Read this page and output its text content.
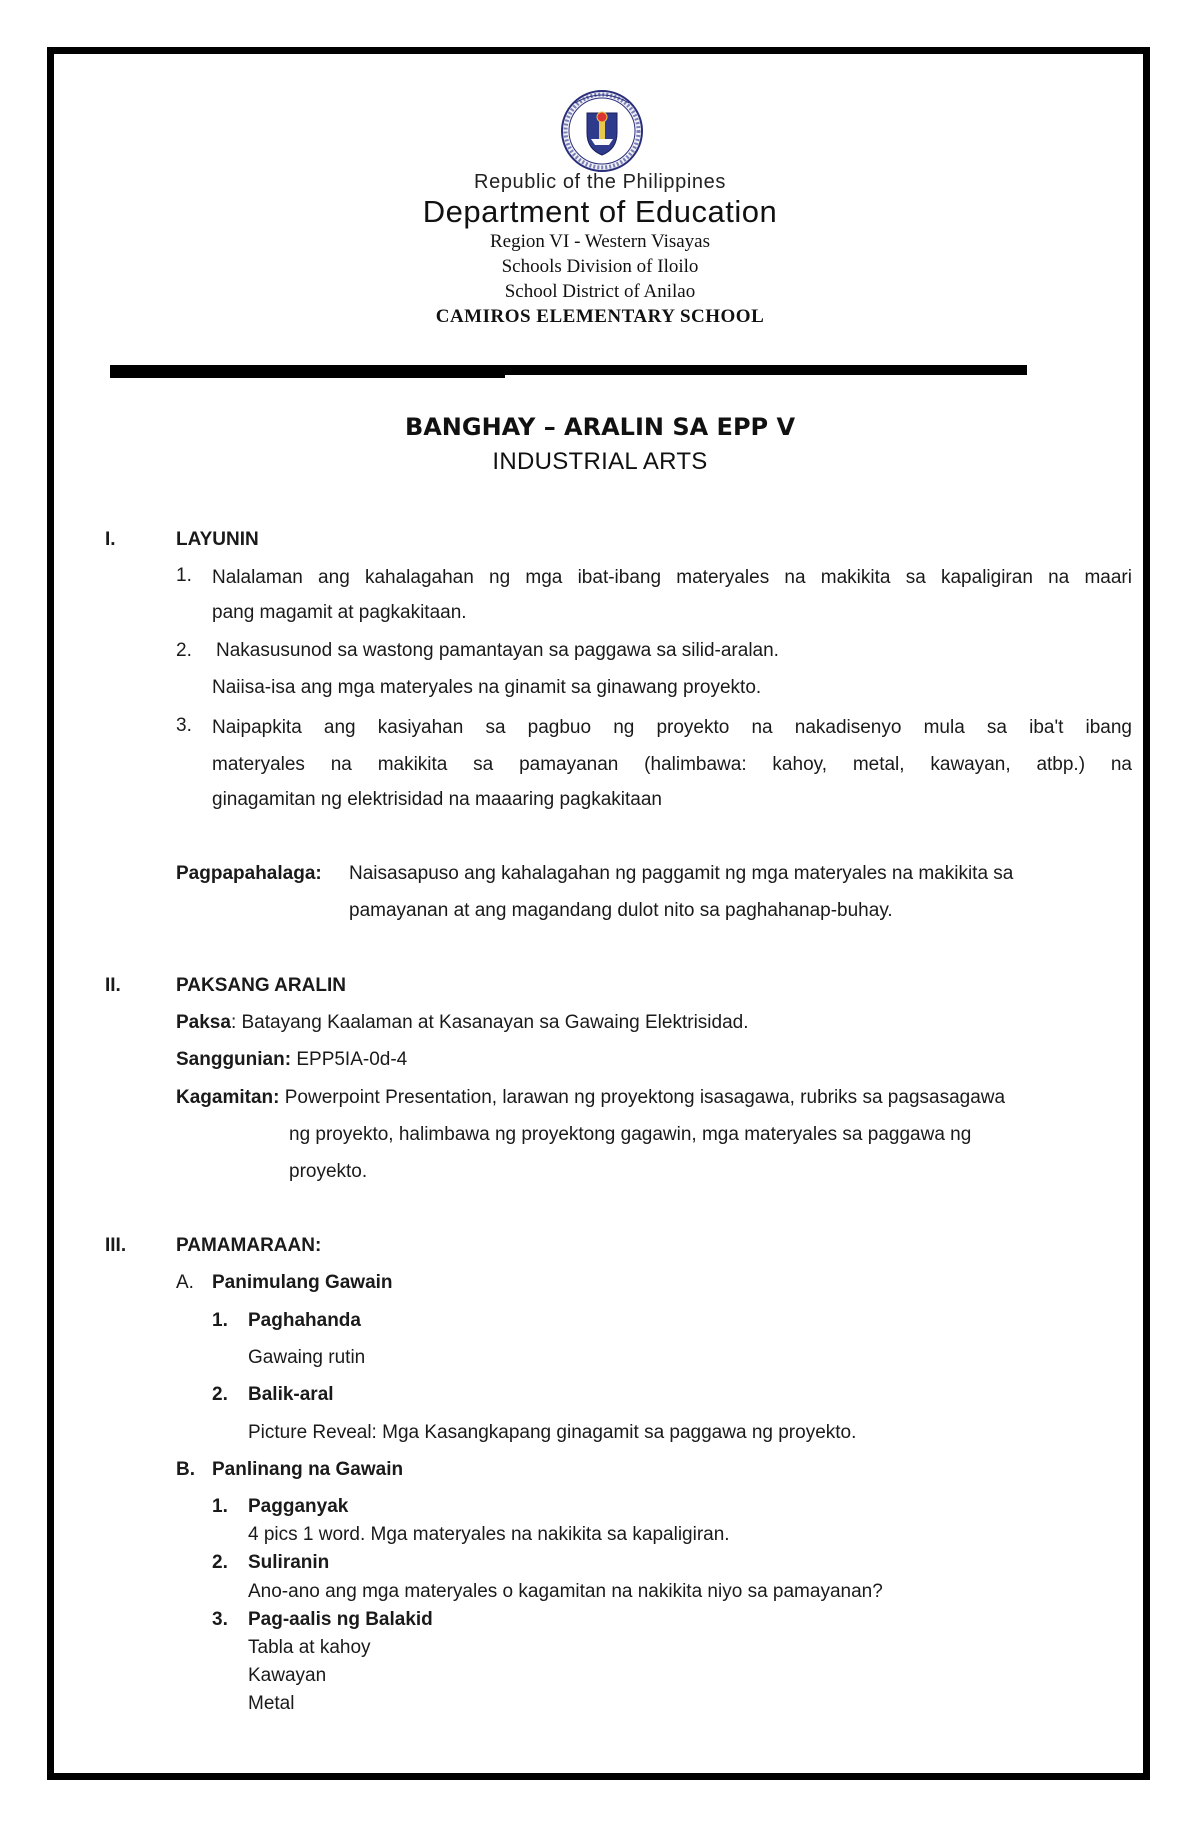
Republic of the Philippines
Department of Education
Region VI - Western Visayas
Schools Division of Iloilo
School District of Anilao
CAMIROS ELEMENTARY SCHOOL
BANGHAY – ARALIN SA EPP V
INDUSTRIAL ARTS
I.	LAYUNIN
1. Nalalaman ang kahalagahan ng mga ibat-ibang materyales na makikita sa kapaligiran na maari
pang magamit at pagkakitaan.
2. Nakasusunod sa wastong pamantayan sa paggawa sa silid-aralan.
Naiisa-isa ang mga materyales na ginamit sa ginawang proyekto.
3. Naipapkita ang kasiyahan sa pagbuo ng proyekto na nakadisenyo mula sa iba't ibang
materyales na makikita sa pamayanan (halimbawa: kahoy, metal, kawayan, atbp.) na
ginagamitan ng elektrisidad na maaaring pagkakitaan
Pagpapahalaga: Naisasapuso ang kahalagahan ng paggamit ng mga materyales na makikita sa
pamayanan at ang magandang dulot nito sa paghahanap-buhay.
II.	PAKSANG ARALIN
Paksa: Batayang Kaalaman at Kasanayan sa Gawaing Elektrisidad.
Sanggunian: EPP5IA-0d-4
Kagamitan: Powerpoint Presentation, larawan ng proyektong isasagawa, rubriks sa pagsasagawa
ng proyekto, halimbawa ng proyektong gagawin, mga materyales sa paggawa ng
proyekto.
III.	PAMAMARAAN:
A. Panimulang Gawain
1. Paghahanda
Gawaing rutin
2. Balik-aral
Picture Reveal: Mga Kasangkapang ginagamit sa paggawa ng proyekto.
B. Panlinang na Gawain
1. Pagganyak
4 pics 1 word. Mga materyales na nakikita sa kapaligiran.
2. Suliranin
Ano-ano ang mga materyales o kagamitan na nakikita niyo sa pamayanan?
3. Pag-aalis ng Balakid
Tabla at kahoy
Kawayan
Metal
